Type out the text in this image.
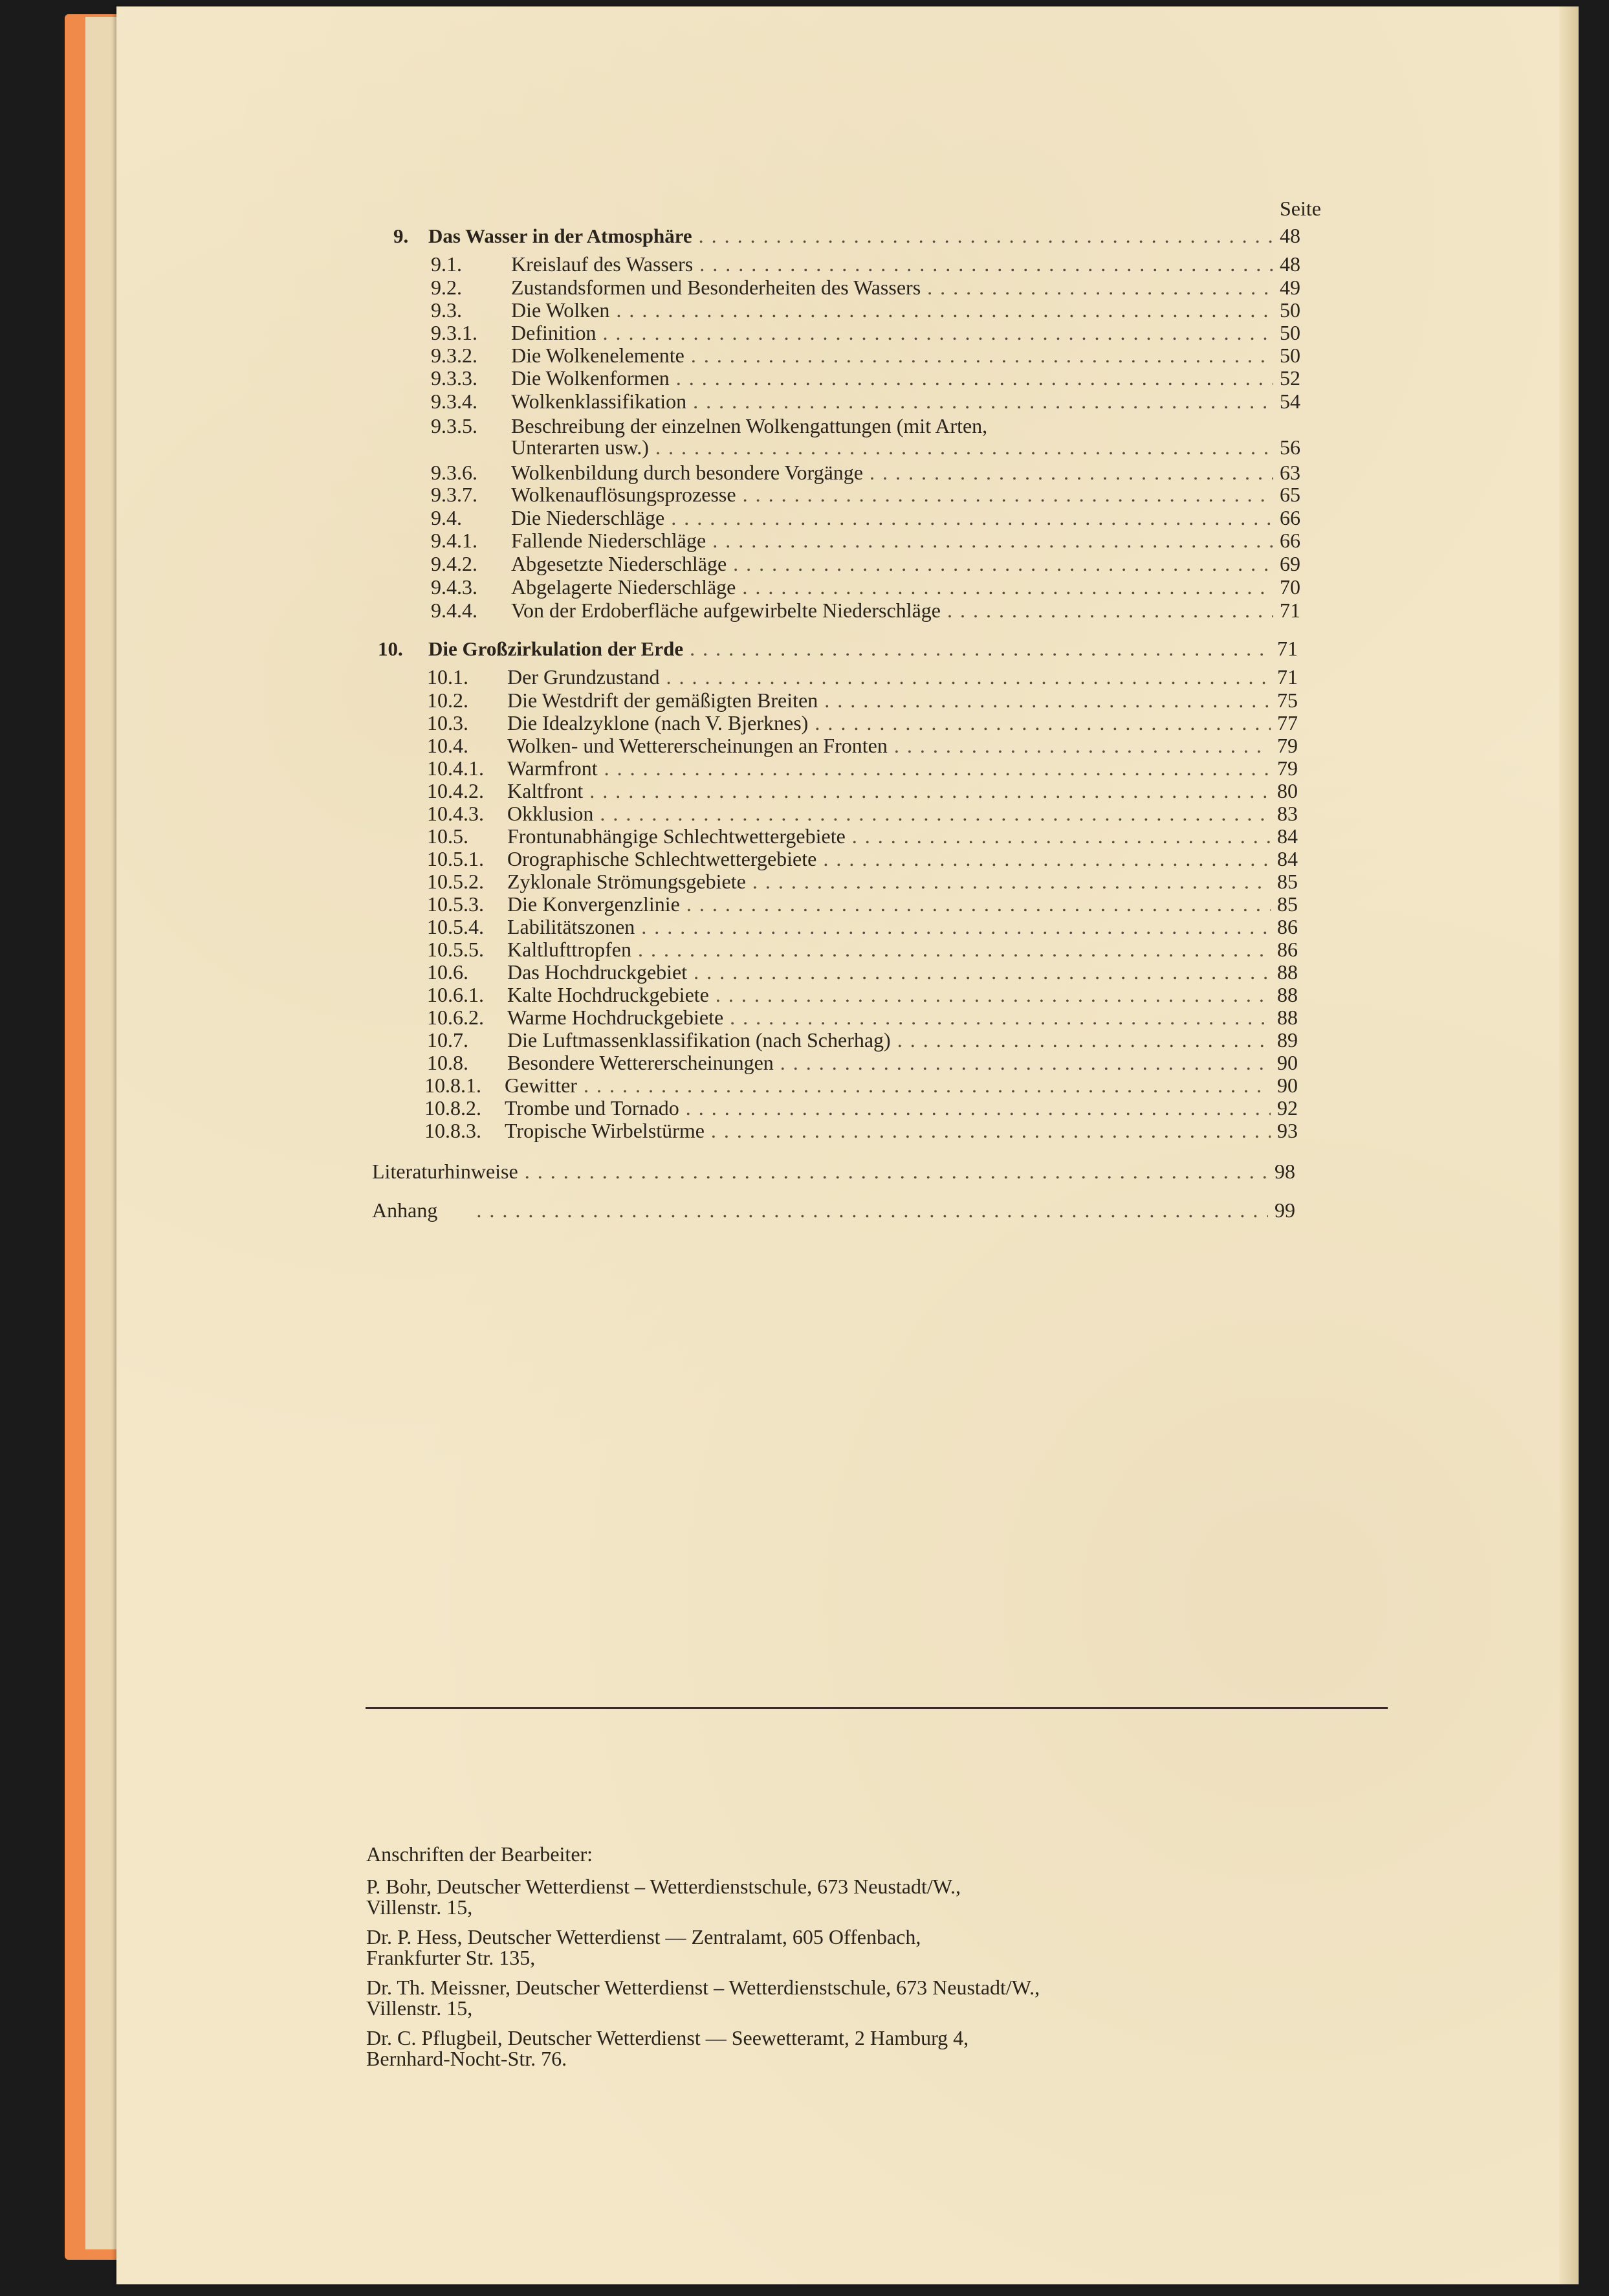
Seite
9. Das Wasser in der Atmosphäre . . .	48
9.1.	Kreislauf des Wassers . . .	48
9.2.	Zustandsformen und Besonderheiten des Wassers . . .	49
9.3.	Die Wolken . . .	50
9.3.1.	Definition . . .	50
9.3.2.	Die Wolkenelemente . . .	50
9.3.3.	Die Wolkenformen . . .	52
9.3.4.	Wolkenklassifikation . . .	54
9.3.5.	Beschreibung der einzelnen Wolkengattungen (mit Arten,
Unterarten usw.) . . .	56
9.3.6.	Wolkenbildung durch besondere Vorgänge . . .	63
9.3.7.	Wolkenauflösungsprozesse . . .	65
9.4.	Die Niederschläge . . .	66
9.4.1.	Fallende Niederschläge . . .	66
9.4.2.	Abgesetzte Niederschläge . . .	69
9.4.3.	Abgelagerte Niederschläge . . .	70
9.4.4.	Von der Erdoberfläche aufgewirbelte Niederschläge . . .	71
10.	Die Großzirkulation der Erde . . .	71
10.1.	Der Grundzustand . . .	71
10.2.	Die Westdrift der gemäßigten Breiten . . .	75
10.3.	Die Idealzyklone (nach V. Bjerknes) . . .	77
10.4.	Wolken- und Wettererscheinungen an Fronten . . .	79
10.4.1.	Warmfront . . .	79
10.4.2.	Kaltfront . . .	80
10.4.3.	Okklusion . . .	83
10.5.	Frontunabhängige Schlechtwettergebiete . . .	84
10.5.1.	Orographische Schlechtwettergebiete . . .	84
10.5.2.	Zyklonale Strömungsgebiete . . .	85
10.5.3.	Die Konvergenzlinie . . .	85
10.5.4.	Labilitätszonen . . .	86
10.5.5.	Kaltlufttropfen . . .	86
10.6.	Das Hochdruckgebiet . . .	88
10.6.1.	Kalte Hochdruckgebiete . . .	88
10.6.2.	Warme Hochdruckgebiete . . .	88
10.7.	Die Luftmassenklassifikation (nach Scherhag) . . .	89
10.8.	Besondere Wettererscheinungen . . .	90
10.8.1.	Gewitter . . .	90
10.8.2.	Trombe und Tornado . . .	92
10.8.3.	Tropische Wirbelstürme . . .	93
Literaturhinweise . . .	98
Anhang . . .	99
Anschriften der Bearbeiter:
P. Bohr, Deutscher Wetterdienst – Wetterdienstschule, 673 Neustadt/W.,
Villenstr. 15,
Dr. P. Hess, Deutscher Wetterdienst — Zentralamt, 605 Offenbach,
Frankfurter Str. 135,
Dr. Th. Meissner, Deutscher Wetterdienst – Wetterdienstschule, 673 Neustadt/W.,
Villenstr. 15,
Dr. C. Pflugbeil, Deutscher Wetterdienst — Seewetteramt, 2 Hamburg 4,
Bernhard-Nocht-Str. 76.
